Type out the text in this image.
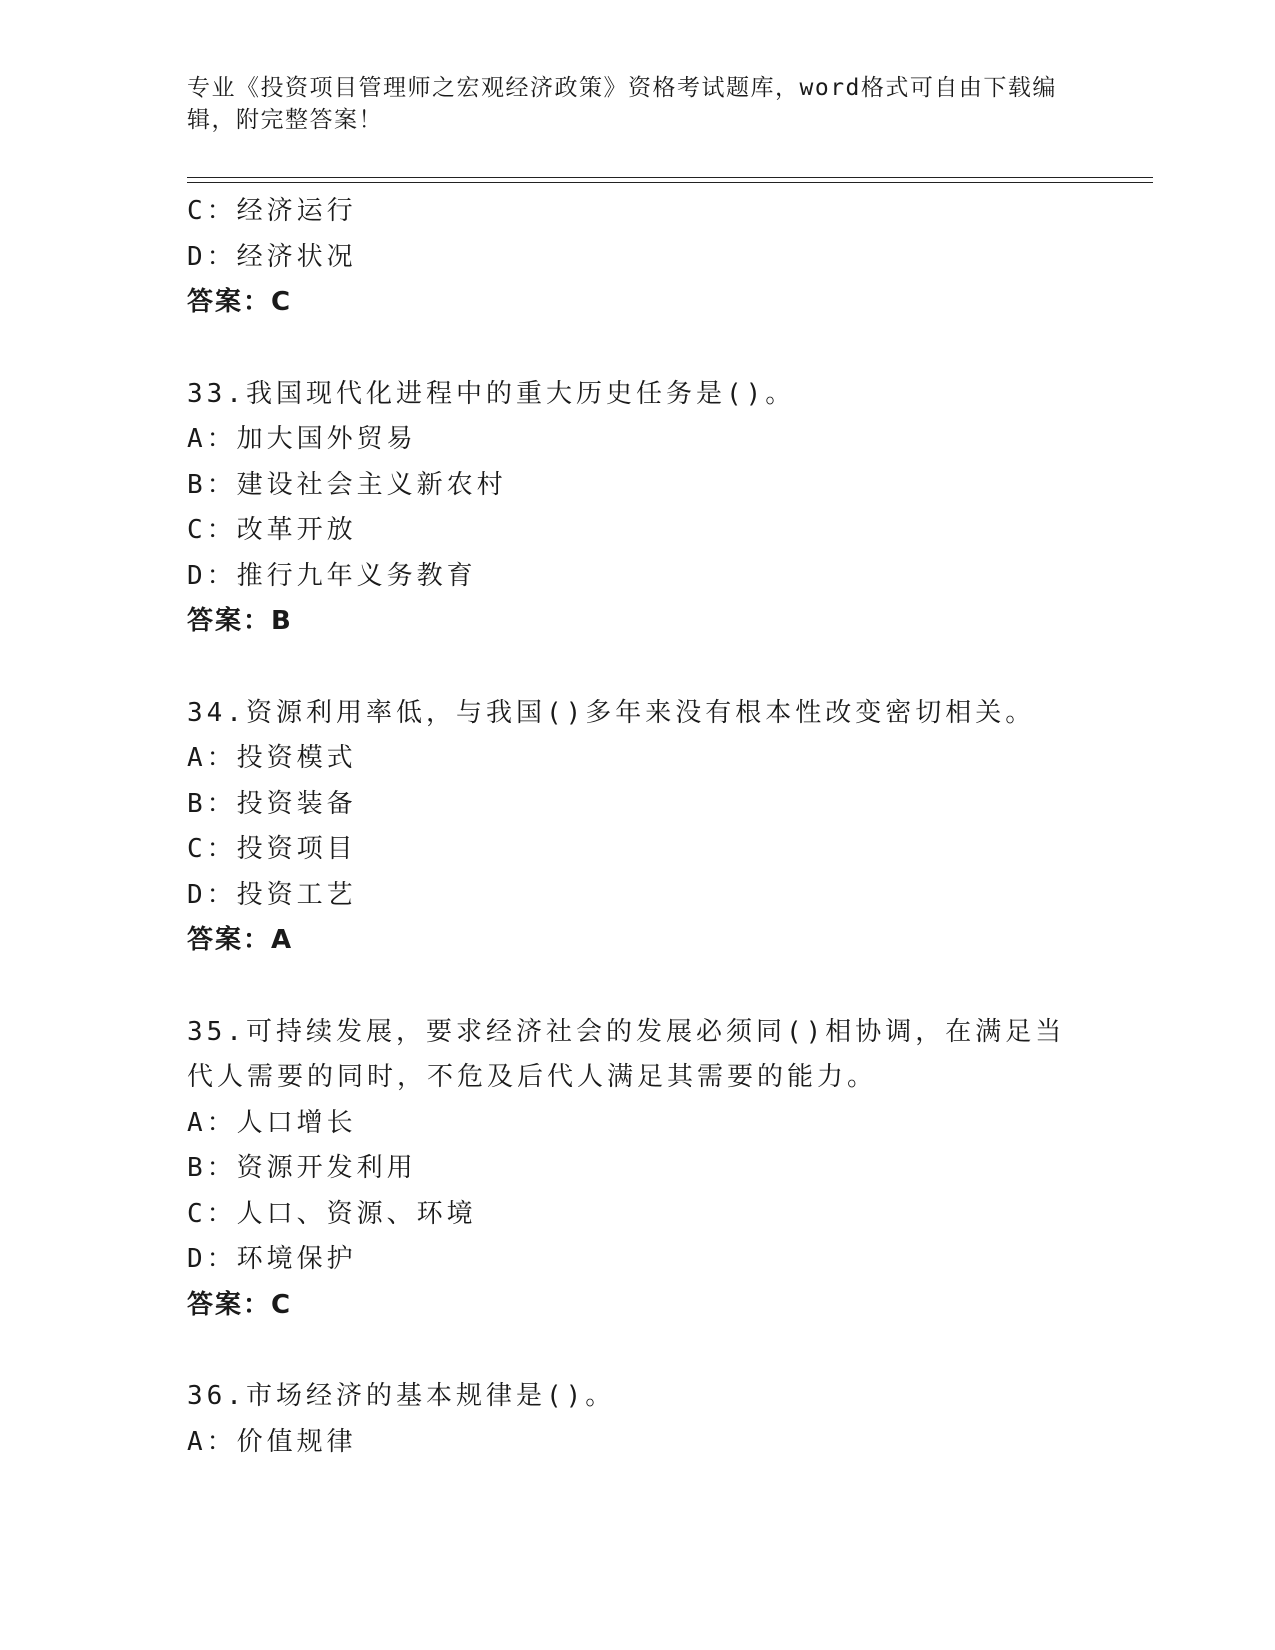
专业《投资项目管理师之宏观经济政策》资格考试题库，word格式可自由下载编辑，附完整答案！
C：经济运行
D：经济状况
答案：C
33.我国现代化进程中的重大历史任务是()。
A：加大国外贸易
B：建设社会主义新农村
C：改革开放
D：推行九年义务教育
答案：B
34.资源利用率低，与我国()多年来没有根本性改变密切相关。
A：投资模式
B：投资装备
C：投资项目
D：投资工艺
答案：A
35.可持续发展，要求经济社会的发展必须同()相协调，在满足当代人需要的同时，不危及后代人满足其需要的能力。
A：人口增长
B：资源开发利用
C：人口、资源、环境
D：环境保护
答案：C
36.市场经济的基本规律是()。
A：价值规律
